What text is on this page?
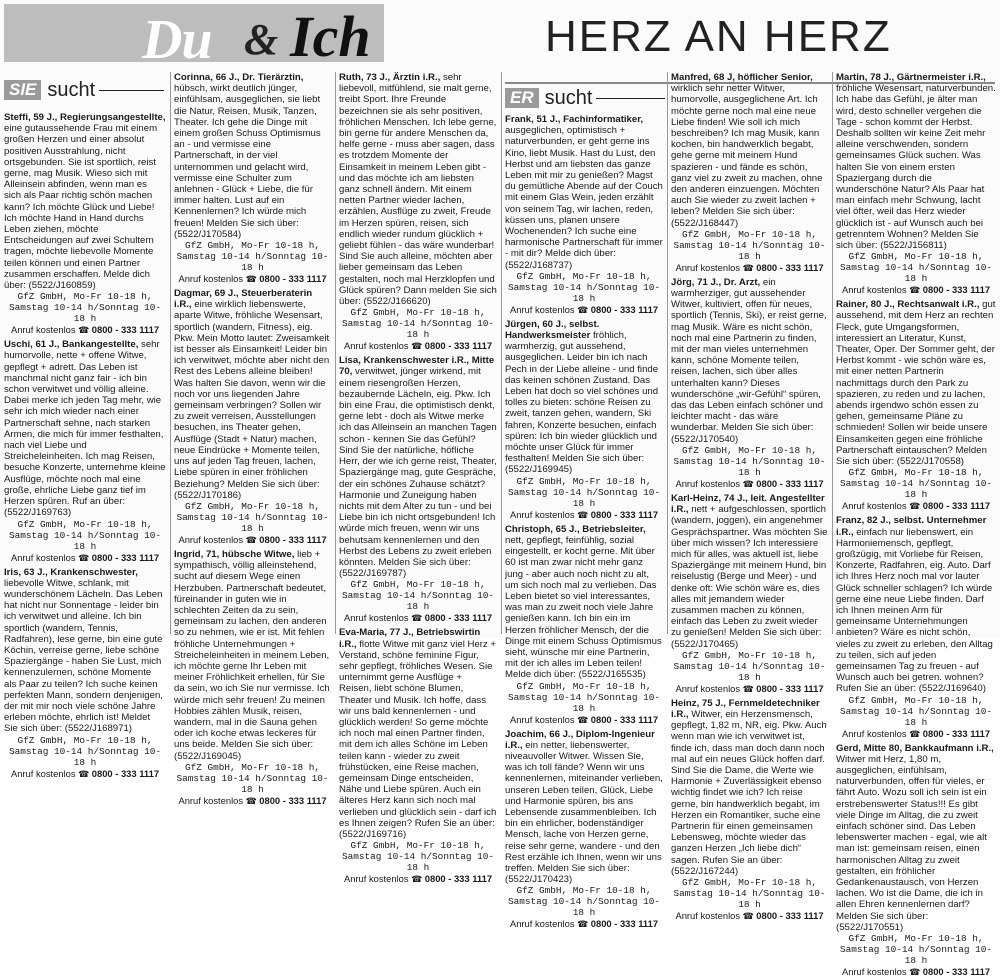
Du & Ich	HERZ AN HERZ
SIE sucht	ER sucht
Steffi, 59 J., Regierungsangestellte, eine gutaussehende Frau mit einem großen Herzen und einer absolut positiven Ausstrahlung, nicht ortsgebunden. Sie ist sportlich, reist gerne, mag Musik. Wieso sich mit Alleinsein abfinden, wenn man es sich als Paar richtig schön machen kann? Ich möchte Glück und Liebe! Ich möchte Hand in Hand durchs Leben ziehen, möchte Entscheidungen auf zwei Schultern tragen, möchte liebevolle Momente teilen können und einen Partner zusammen erschaffen. Melde dich über: (5522/J160859)
GfZ GmbH, Mo-Fr 10-18 h,
Samstag 10-14 h/Sonntag 10-18 h
Anruf kostenlos ☎ 0800 - 333 1117
Uschi, 61 J., Bankangestellte, sehr humorvolle, nette + offene Witwe, gepflegt + adrett. Das Leben ist manchmal nicht ganz fair - ich bin schon verwitwet und völlig alleine. Dabei merke ich jeden Tag mehr, wie sehr ich mich wieder nach einer Partnerschaft sehne, nach starken Armen, die mich für immer festhalten, nach viel Liebe und Streicheleinheiten. Ich mag Reisen, besuche Konzerte, unternehme kleine Ausflüge, möchte noch mal eine große, ehrliche Liebe ganz tief im Herzen spüren. Ruf an über: (5522/J169763)
GfZ GmbH, Mo-Fr 10-18 h,
Samstag 10-14 h/Sonntag 10-18 h
Anruf kostenlos ☎ 0800 - 333 1117
Iris, 63 J., Krankenschwester, liebevolle Witwe, schlank, mit wunderschönem Lächeln. Das Leben hat nicht nur Sonnentage - leider bin ich verwitwet und alleine. Ich bin sportlich (wandern, Tennis, Radfahren), lese gerne, bin eine gute Köchin, verreise gerne, liebe schöne Spaziergänge - haben Sie Lust, mich kennenzulernen, schöne Momente als Paar zu teilen? Ich suche keinen perfekten Mann, sondern denjenigen, der mit mir noch viele schöne Jahre erleben möchte, ehrlich ist! Meldet Sie sich über: (5522/J168971)
GfZ GmbH, Mo-Fr 10-18 h,
Samstag 10-14 h/Sonntag 10-18 h
Anruf kostenlos ☎ 0800 - 333 1117
Corinna, 66 J., Dr. Tierärztin, hübsch, wirkt deutlich jünger, einfühlsam, ausgeglichen, sie liebt die Natur, Reisen, Musik, Tanzen, Theater. Ich gehe die Dinge mit einem großen Schuss Optimismus an - und vermisse eine Partnerschaft, in der viel unternommen und gelacht wird, vermisse eine Schulter zum anlehnen - Glück + Liebe, die für immer halten. Lust auf ein Kennenlernen? Ich würde mich freuen! Melden Sie sich über: (5522/J170584)
GfZ GmbH, Mo-Fr 10-18 h,
Samstag 10-14 h/Sonntag 10-18 h
Anruf kostenlos ☎ 0800 - 333 1117
Dagmar, 69 J., Steuerberaterin i.R., eine wirklich liebenswerte, aparte Witwe, fröhliche Wesensart, sportlich (wandern, Fitness), eig. Pkw. Mein Motto lautet: Zweisamkeit ist besser als Einsamkeit! Leider bin ich verwitwet, möchte aber nicht den Rest des Lebens alleine bleiben! Was halten Sie davon, wenn wir die noch vor uns liegenden Jahre gemeinsam verbringen? Sollen wir zu zweit verreisen, Ausstellungen besuchen, ins Theater gehen, Ausflüge (Stadt + Natur) machen, neue Eindrücke + Momente teilen, uns auf jeden Tag freuen, lachen, Liebe spüren in einer fröhlichen Beziehung? Melden Sie sich über: (5522/J170186)
GfZ GmbH, Mo-Fr 10-18 h,
Samstag 10-14 h/Sonntag 10-18 h
Anruf kostenlos ☎ 0800 - 333 1117
Ingrid, 71, hübsche Witwe, lieb + sympathisch, völlig alleinstehend, sucht auf diesem Wege einen Herzbuben. Partnerschaft bedeutet, füreinander in guten wie in schlechten Zeiten da zu sein, gemeinsam zu lachen, den anderen so zu nehmen, wie er ist. Mit fehlen fröhliche Unternehmungen + Streicheleinheiten in meinem Leben, ich möchte gerne Ihr Leben mit meiner Fröhlichkeit erhellen, für Sie da sein, wo ich Sie nur vermisse. Ich würde mich sehr freuen! Zu meinen Hobbies zählen Musik, reisen, wandern, mal in die Sauna gehen oder ich koche etwas leckeres für uns beide. Melden Sie sich über: (5522/J169045)
GfZ GmbH, Mo-Fr 10-18 h,
Samstag 10-14 h/Sonntag 10-18 h
Anruf kostenlos ☎ 0800 - 333 1117
Ruth, 73 J., Ärztin i.R., sehr liebevoll, mitfühlend, sie malt gerne, treibt Sport. Ihre Freunde bezeichnen sie als sehr positiven, fröhlichen Menschen. Ich lebe gerne, bin gerne für andere Menschen da, helfe gerne - muss aber sagen, dass es trotzdem Momente der Einsamkeit in meinem Leben gibt - und das möchte ich am liebsten ganz schnell ändern. Mit einem netten Partner wieder lachen, erzählen, Ausflüge zu zweit, Freude im Herzen spüren, reisen, sich endlich wieder rundum glücklich + geliebt fühlen - das wäre wunderbar! Sind Sie auch alleine, möchten aber lieber gemeinsam das Leben gestalten, noch mal Herzklopfen und Glück spüren? Dann melden Sie sich über: (5522/J166620)
GfZ GmbH, Mo-Fr 10-18 h,
Samstag 10-14 h/Sonntag 10-18 h
Anruf kostenlos ☎ 0800 - 333 1117
Lisa, Krankenschwester i.R., Mitte 70, verwitwet, jünger wirkend, mit einem riesengroßen Herzen, bezaubernde Lächeln, eig. Pkw. Ich bin eine Frau, die optimistisch denkt, gerne lebt - doch als Witwe merke ich das Alleinsein an manchen Tagen schon - kennen Sie das Gefühl? Sind Sie der natürliche, höfliche Herr, der wie ich gerne reist, Theater, Spaziergänge mag, gute Gespräche, der ein schönes Zuhause schätzt? Harmonie und Zuneigung haben nichts mit dem Alter zu tun - und bei Liebe bin ich nicht ortsgebunden! Ich würde mich freuen, wenn wir uns behutsam kennenlernen und den Herbst des Lebens zu zweit erleben könnten. Melden Sie sich über: (5522/J169787)
GfZ GmbH, Mo-Fr 10-18 h,
Samstag 10-14 h/Sonntag 10-18 h
Anruf kostenlos ☎ 0800 - 333 1117
Eva-Maria, 77 J., Betriebswirtin i.R., flotte Witwe mit ganz viel Herz + Verstand, schöne feminine Figur, sehr gepflegt, fröhliches Wesen. Sie unternimmt gerne Ausflüge + Reisen, liebt schöne Blumen, Theater und Musik. Ich hoffe, dass wir uns bald kennenlernen - und glücklich werden! So gerne möchte ich noch mal einen Partner finden, mit dem ich alles Schöne im Leben teilen kann - wieder zu zweit frühstücken, eine Reise machen, gemeinsam Dinge entscheiden, Nähe und Liebe spüren. Auch ein älteres Herz kann sich noch mal verlieben und glücklich sein - darf ich es Ihnen zeigen? Rufen Sie an über: (5522/J169716)
GfZ GmbH, Mo-Fr 10-18 h,
Samstag 10-14 h/Sonntag 10-18 h
Anruf kostenlos ☎ 0800 - 333 1117
Frank, 51 J., Fachinformatiker, ausgeglichen, optimistisch + naturverbunden, er geht gerne ins Kino, liebt Musik. Hast du Lust, den Herbst und am liebsten das ganze Leben mit mir zu genießen? Magst du gemütliche Abende auf der Couch mit einem Glas Wein, jeden erzählt von seinem Tag, wir lachen, reden, küssen uns, planen unsere Wochenenden? Ich suche eine harmonische Partnerschaft für immer - mit dir? Melde dich über: (5522/J168737)
GfZ GmbH, Mo-Fr 10-18 h,
Samstag 10-14 h/Sonntag 10-18 h
Anruf kostenlos ☎ 0800 - 333 1117
Jürgen, 60 J., selbst. Handwerksmeister fröhlich, warmherzig, gut aussehend, ausgeglichen. Leider bin ich nach Pech in der Liebe alleine - und finde das keinen schönen Zustand. Das Leben hat doch so viel schönes und tolles zu bieten: schöne Reisen zu zweit, tanzen gehen, wandern, Ski fahren, Konzerte besuchen, einfach spüren: Ich bin wieder glücklich und möchte unser Glück für immer festhalten! Melden Sie sich über: (5522/J169945)
GfZ GmbH, Mo-Fr 10-18 h,
Samstag 10-14 h/Sonntag 10-18 h
Anruf kostenlos ☎ 0800 - 333 1117
Christoph, 65 J., Betriebsleiter, nett, gepflegt, feinfühlig, sozial eingestellt, er kocht gerne. Mit über 60 ist man zwar nicht mehr ganz jung - aber auch noch nicht zu alt, um sich noch mal zu verlieben. Das Leben bietet so viel interessantes, was man zu zweit noch viele Jahre genießen kann. Ich bin ein im Herzen fröhlicher Mensch, der die Dinge mit einem Schuss Optimismus sieht, wünsche mir eine Partnerin, mit der ich alles im Leben teilen! Melde dich über: (5522/J165535)
GfZ GmbH, Mo-Fr 10-18 h,
Samstag 10-14 h/Sonntag 10-18 h
Anruf kostenlos ☎ 0800 - 333 1117
Joachim, 66 J., Diplom-Ingenieur i.R., ein netter, liebenswerter, niveauvoller Witwer. Wissen Sie, was ich toll fände? Wenn wir uns kennenlernen, miteinander verlieben, unseren Leben teilen, Glück, Liebe und Harmonie spüren, bis ans Lebensende zusammenbleiben. Ich bin ein ehrlicher, bodenständiger Mensch, lache von Herzen gerne, reise sehr gerne, wandere - und den Rest erzähle ich Ihnen, wenn wir uns treffen. Melden Sie sich über: (5522/J170423)
GfZ GmbH, Mo-Fr 10-18 h,
Samstag 10-14 h/Sonntag 10-18 h
Anruf kostenlos ☎ 0800 - 333 1117
Manfred, 68 J, höflicher Senior, wirklich sehr netter Witwer, humorvolle, ausgeglichene Art. Ich möchte gerne noch mal eine neue Liebe finden! Wie soll ich mich beschreiben? Ich mag Musik, kann kochen, bin handwerklich begabt, gehe gerne mit meinem Hund spazieren - und fände es schön, ganz viel zu zweit zu machen, ohne den anderen einzuengen. Möchten auch Sie wieder zu zweit lachen + leben? Melden Sie sich über: (5522/J168447)
GfZ GmbH, Mo-Fr 10-18 h,
Samstag 10-14 h/Sonntag 10-18 h
Anruf kostenlos ☎ 0800 - 333 1117
Jörg, 71 J., Dr. Arzt, ein warmherziger, gut aussehender Witwer, kultiviert, offen für neues, sportlich (Tennis, Ski), er reist gerne, mag Musik. Wäre es nicht schön, noch mal eine Partnerin zu finden, mit der man vieles unternehmen kann, schöne Momente teilen, reisen, lachen, sich über alles unterhalten kann? Dieses wunderschöne „wir-Gefühl“ spüren, das das Leben einfach schöner und leichter macht - das wäre wunderbar. Melden Sie sich über: (5522/J170540)
GfZ GmbH, Mo-Fr 10-18 h,
Samstag 10-14 h/Sonntag 10-18 h
Anruf kostenlos ☎ 0800 - 333 1117
Karl-Heinz, 74 J., leit. Angestellter i.R., nett + aufgeschlossen, sportlich (wandern, joggen), ein angenehmer Gesprächspartner. Was möchten Sie über mich wissen? Ich interessiere mich für alles, was aktuell ist, liebe Spaziergänge mit meinem Hund, bin reiselustig (Berge und Meer) - und denke oft: Wie schön wäre es, dies alles mit jemandem wieder zusammen machen zu können, einfach das Leben zu zweit wieder zu genießen! Melden Sie sich über: (5522/J170465)
GfZ GmbH, Mo-Fr 10-18 h,
Samstag 10-14 h/Sonntag 10-18 h
Anruf kostenlos ☎ 0800 - 333 1117
Heinz, 75 J., Fernmeldetechniker i.R., Witwer, ein Herzensmensch, gepflegt, 1,82 m, NR, eig. Pkw. Auch wenn man wie ich verwitwet ist, finde ich, dass man doch dann noch mal auf ein neues Glück hoffen darf. Sind Sie die Dame, die Werte wie Harmonie + Zuverlässigkeit ebenso wichtig findet wie ich? Ich reise gerne, bin handwerklich begabt, im Herzen ein Romantiker, suche eine Partnerin für einen gemeinsamen Lebensweg, möchte wieder das ganzen Herzen „Ich liebe dich“ sagen. Rufen Sie an über: (5522/J167244)
GfZ GmbH, Mo-Fr 10-18 h,
Samstag 10-14 h/Sonntag 10-18 h
Anruf kostenlos ☎ 0800 - 333 1117
Martin, 78 J., Gärtnermeister i.R., fröhliche Wesensart, naturverbunden. Ich habe das Gefühl, je älter man wird, desto schneller vergehen die Tage - schon kommt der Herbst. Deshalb sollten wir keine Zeit mehr alleine verschwenden, sondern gemeinsames Glück suchen. Was halten Sie von einem ersten Spaziergang durch die wunderschöne Natur? Als Paar hat man einfach mehr Schwung, lacht viel öfter, weil das Herz wieder glücklich ist - auf Wunsch auch bei getrenntem Wohnen? Melden Sie sich über: (5522/J156811)
GfZ GmbH, Mo-Fr 10-18 h,
Samstag 10-14 h/Sonntag 10-18 h
Anruf kostenlos ☎ 0800 - 333 1117
Rainer, 80 J., Rechtsanwalt i.R., gut aussehend, mit dem Herz an rechten Fleck, gute Umgangsformen, interessiert an Literatur, Kunst, Theater, Oper. Der Sommer geht, der Herbst kommt - wie schön wäre es, mit einer netten Partnerin nachmittags durch den Park zu spazieren, zu reden und zu lachen, abends irgendwo schön essen zu gehen, gemeinsame Pläne zu schmieden! Sollen wir beide unsere Einsamkeiten gegen eine fröhliche Partnerschaft eintauschen? Melden Sie sich über: (5522/J170558)
GfZ GmbH, Mo-Fr 10-18 h,
Samstag 10-14 h/Sonntag 10-18 h
Anruf kostenlos ☎ 0800 - 333 1117
Franz, 82 J., selbst. Unternehmer i.R., einfach nur liebenswert, ein Harmoniemensch, gepflegt, großzügig, mit Vorliebe für Reisen, Konzerte, Radfahren, eig. Auto. Darf ich Ihres Herz noch mal vor lauter Glück schneller schlagen? Ich würde gerne eine neue Liebe finden. Darf ich Ihnen meinen Arm für gemeinsame Unternehmungen anbieten? Wäre es nicht schön, vieles zu zweit zu erleben, den Alltag zu teilen, sich auf jeden gemeinsamen Tag zu freuen - auf Wunsch auch bei getren. wohnen? Rufen Sie an über: (5522/J169640)
GfZ GmbH, Mo-Fr 10-18 h,
Samstag 10-14 h/Sonntag 10-18 h
Anruf kostenlos ☎ 0800 - 333 1117
Gerd, Mitte 80, Bankkaufmann i.R., Witwer mit Herz, 1,80 m, ausgeglichen, einfühlsam, naturverbunden, offen für vieles, er fährt Auto. Wozu soll ich sein ist ein erstrebenswerter Status!!! Es gibt viele Dinge im Alltag, die zu zweit einfach schöner sind. Das Leben lebenswerter machen - egal, wie alt man ist: gemeinsam reisen, einen harmonischen Alltag zu zweit gestalten, ein fröhlicher Gedankenaustausch, von Herzen lachen. Wo ist die Dame, die ich in allen Ehren kennenlernen darf? Melden Sie sich über: (5522/J170551)
GfZ GmbH, Mo-Fr 10-18 h,
Samstag 10-14 h/Sonntag 10-18 h
Anruf kostenlos ☎ 0800 - 333 1117
